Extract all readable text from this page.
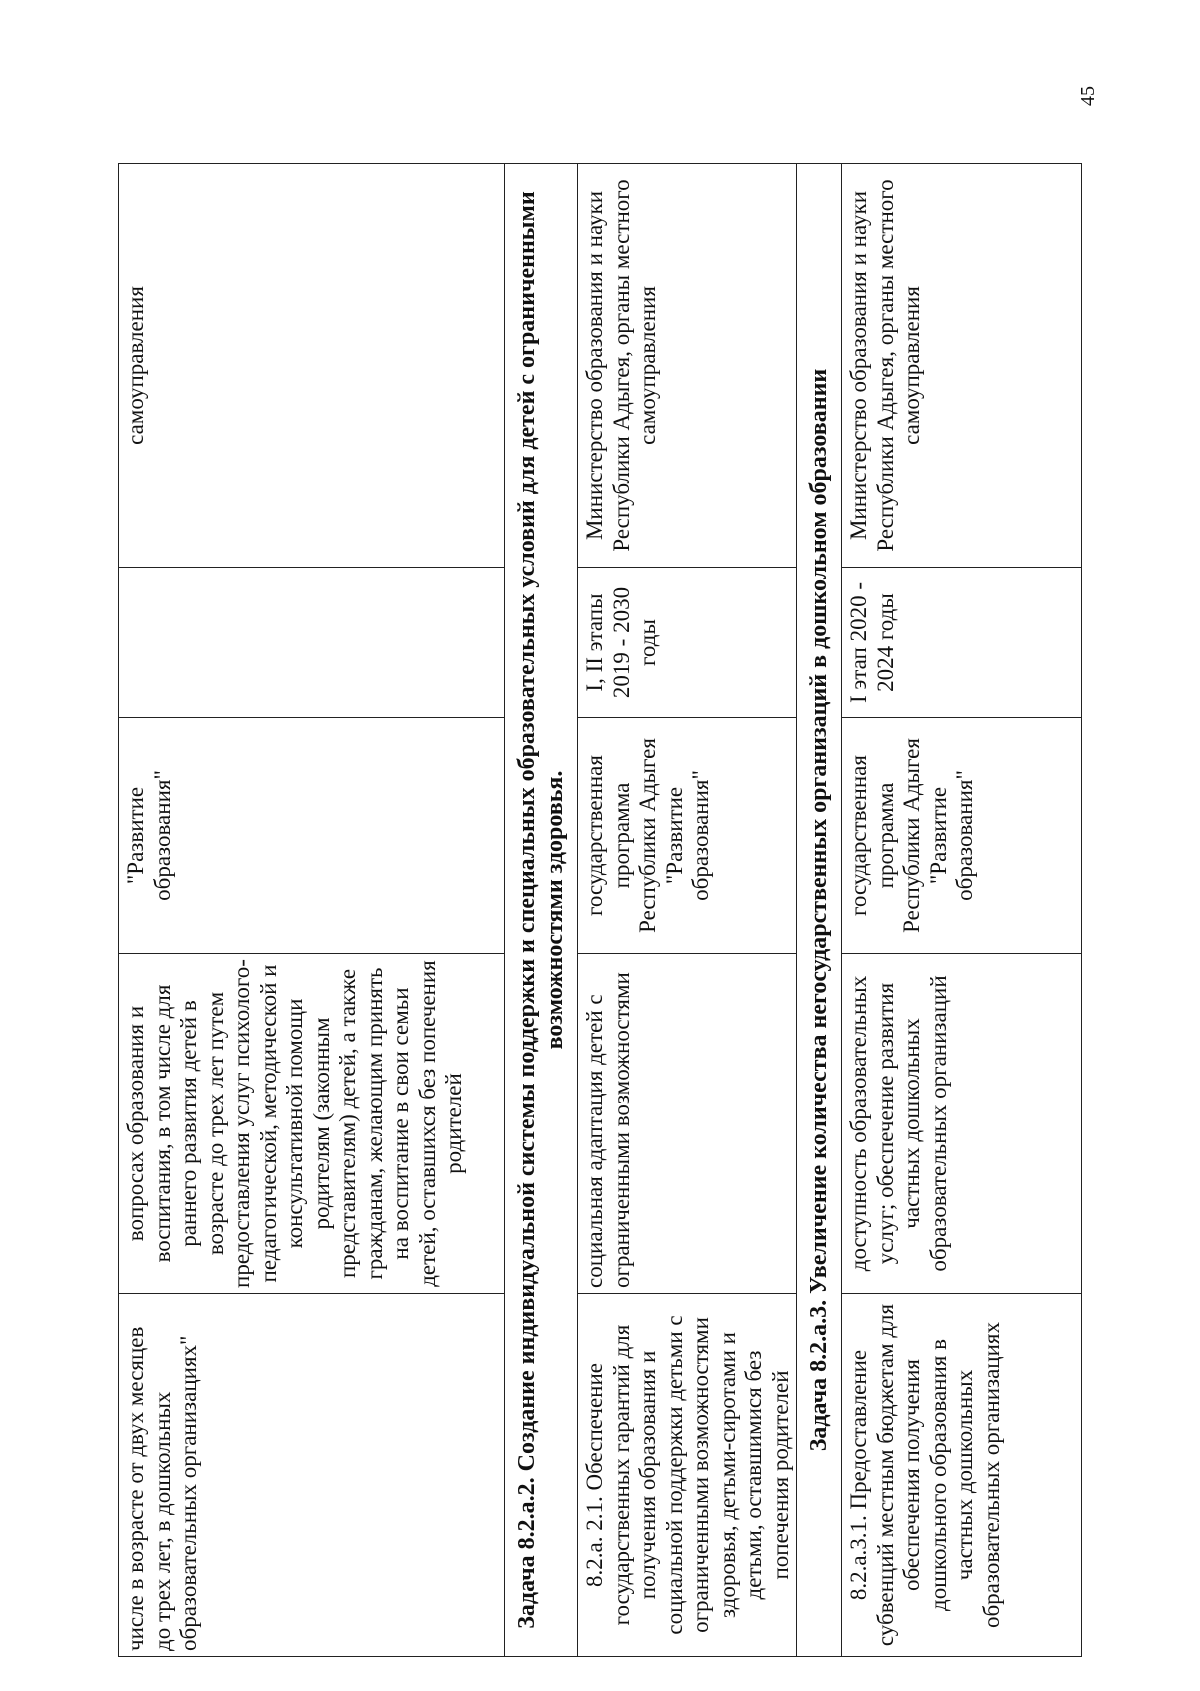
45
числе в возрасте от двух месяцев до трех лет, в дошкольных образовательных организациях"	вопросах образования и воспитания, в том числе для раннего развития детей в возрасте до трех лет путем предоставления услуг психолого-педагогической, методической и консультативной помощи родителям (законным представителям) детей, а также гражданам, желающим принять на воспитание в свои семьи детей, оставшихся без попечения родителей	"Развитие образования"		самоуправления

Задача 8.2.а.2. Создание индивидуальной системы поддержки и специальных образовательных условий для детей с ограниченными возможностями здоровья.				

8.2.а. 2.1. Обеспечение государственных гарантий для получения образования и социальной поддержки детьми с ограниченными возможностями здоровья, детьми-сиротами и детьми, оставшимися без попечения родителей	социальная адаптация детей с ограниченными возможностями	государственная программа Республики Адыгея "Развитие образования"	I, II этапы 2019 - 2030 годы	Министерство образования и науки Республики Адыгея, органы местного самоуправления

Задача 8.2.а.3. Увеличение количества негосударственных организаций в дошкольном образовании				

8.2.а.3.1. Предоставление субвенций местным бюджетам для обеспечения получения дошкольного образования в частных дошкольных образовательных организациях	доступность образовательных услуг; обеспечение развития частных дошкольных образовательных организаций	государственная программа Республики Адыгея "Развитие образования"	I этап 2020 - 2024 годы	Министерство образования и науки Республики Адыгея, органы местного самоуправления
